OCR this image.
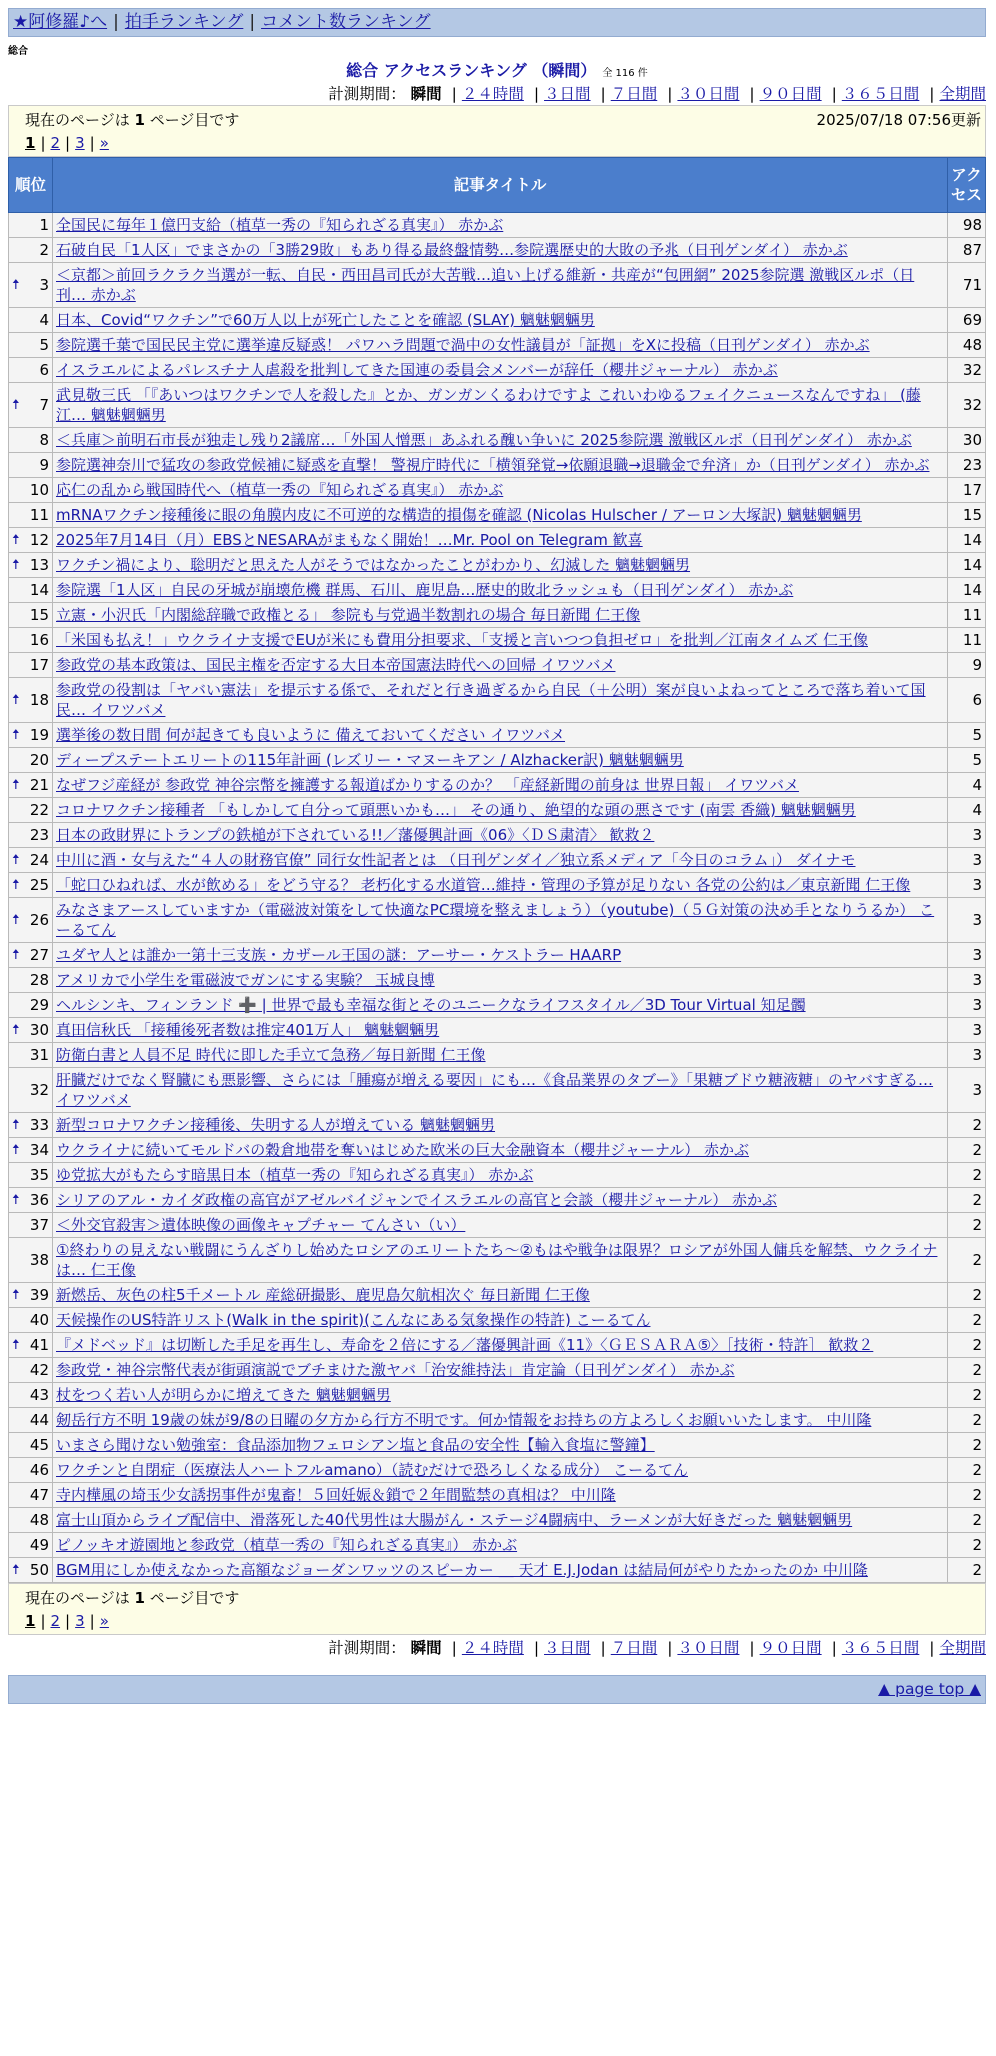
★阿修羅♪へ | 拍手ランキング | コメント数ランキング
総合
総合 アクセスランキング （瞬間） 全 116 件
計測期間： 瞬間 | ２４時間 | ３日間 | ７日間 | ３０日間 | ９０日間 | ３６５日間 | 全期間
現在のページは 1 ページ目です	2025/07/18 07:56更新
1 | 2 | 3 | »
順位	記事タイトル	アクセス
1	全国民に毎年１億円支給（植草一秀の『知られざる真実』） 赤かぶ	98
2	石破自民「1人区」でまさかの「3勝29敗」もあり得る最終盤情勢…参院選歴史的大敗の予兆（日刊ゲンダイ） 赤かぶ	87

🠅 3	＜京都＞前回ラクラク当選が一転、自民・西田昌司氏が大苦戦…追い上げる維新・共産が“包囲網” 2025参院選 激戦区ルポ（日刊… 赤かぶ	71
4	日本、Covid“ワクチン”で60万人以上が死亡したことを確認 (SLAY) 魑魅魍魎男	69
5	参院選千葉で国民民主党に選挙違反疑惑！ パワハラ問題で渦中の女性議員が「証拠」をXに投稿（日刊ゲンダイ） 赤かぶ	48
6	イスラエルによるパレスチナ人虐殺を批判してきた国連の委員会メンバーが辞任（櫻井ジャーナル） 赤かぶ	32

🠅 7	武見敬三氏 「『あいつはワクチンで人を殺した』とか、ガンガンくるわけですよ これいわゆるフェイクニュースなんですね」 (藤江… 魑魅魍魎男	32
8	＜兵庫＞前明石市長が独走し残り2議席…「外国人憎悪」あふれる醜い争いに 2025参院選 激戦区ルポ（日刊ゲンダイ） 赤かぶ	30
9	参院選神奈川で猛攻の参政党候補に疑惑を直撃！ 警視庁時代に「横領発覚→依願退職→退職金で弁済」か（日刊ゲンダイ） 赤かぶ	23
10	応仁の乱から戦国時代へ（植草一秀の『知られざる真実』） 赤かぶ	17
11	mRNAワクチン接種後に眼の角膜内皮に不可逆的な構造的損傷を確認 (Nicolas Hulscher / アーロン大塚訳) 魑魅魍魎男	15

🠅 12	2025年7月14日（月）EBSとNESARAがまもなく開始！…Mr. Pool on Telegram 歓喜	14

🠅 13	ワクチン禍により、聡明だと思えた人がそうではなかったことがわかり、幻滅した 魑魅魍魎男	14
14	参院選「1人区」自民の牙城が崩壊危機 群馬、石川、鹿児島…歴史的敗北ラッシュも（日刊ゲンダイ） 赤かぶ	14
15	立憲・小沢氏「内閣総辞職で政権とる」 参院も与党過半数割れの場合 毎日新聞 仁王像	11
16	「米国も払え！」ウクライナ支援でEUが米にも費用分担要求、「支援と言いつつ負担ゼロ」を批判／江南タイムズ 仁王像	11
17	参政党の基本政策は、国民主権を否定する大日本帝国憲法時代への回帰 イワツバメ	9

🠅 18	参政党の役割は「ヤバい憲法」を提示する係で、それだと行き過ぎるから自民（＋公明）案が良いよねってところで落ち着いて国民… イワツバメ	6

🠅 19	選挙後の数日間 何が起きても良いように 備えておいてください イワツバメ	5
20	ディープステートエリートの115年計画 (レズリー・マヌーキアン / Alzhacker訳) 魑魅魍魎男	5

🠅 21	なぜフジ産経が 参政党 神谷宗幣を擁護する報道ばかりするのか？ 「産経新聞の前身は 世界日報」 イワツバメ	4
22	コロナワクチン接種者 「もしかして自分って頭悪いかも…」 その通り、絶望的な頭の悪さです (南雲 香織) 魑魅魍魎男	4
23	日本の政財界にトランプの鉄槌が下されている!!／藩優興計画《06》〈ＤＳ粛清〉 歓救２	3

🠅 24	中川に酒・女与えた“４人の財務官僚” 同行女性記者とは （日刊ゲンダイ／独立系メディア「今日のコラム」） ダイナモ	3

🠅 25	「蛇口ひねれば、水が飲める」をどう守る？ 老朽化する水道管…維持・管理の予算が足りない 各党の公約は／東京新聞 仁王像	3

🠅 26	みなさまアースしていますか（電磁波対策をして快適なPC環境を整えましょう）（youtube)（５Ｇ対策の決め手となりうるか） こーるてん	3

🠅 27	ユダヤ人とは誰か一第十三支族・カザール王国の謎：アーサー・ケストラー HAARP	3
28	アメリカで小学生を電磁波でガンにする実験？ 玉城良博	3
29	ヘルシンキ、フィンランド ➕ | 世界で最も幸福な街とそのユニークなライフスタイル／3D Tour Virtual 知足髑	3

🠅 30	真田信秋氏 「接種後死者数は推定401万人」 魑魅魍魎男	3
31	防衛白書と人員不足 時代に即した手立て急務／毎日新聞 仁王像	3
32	肝臓だけでなく腎臓にも悪影響、さらには「腫瘍が増える要因」にも…《食品業界のタブー》「果糖ブドウ糖液糖」のヤバすぎる… イワツバメ	3

🠅 33	新型コロナワクチン接種後、失明する人が増えている 魑魅魍魎男	2

🠅 34	ウクライナに続いてモルドバの穀倉地帯を奪いはじめた欧米の巨大金融資本（櫻井ジャーナル） 赤かぶ	2
35	ゆ党拡大がもたらす暗黒日本（植草一秀の『知られざる真実』） 赤かぶ	2

🠅 36	シリアのアル・カイダ政権の高官がアゼルバイジャンでイスラエルの高官と会談（櫻井ジャーナル） 赤かぶ	2
37	＜外交官殺害＞遺体映像の画像キャプチャー てんさい（い）	2
38	①終わりの見えない戦闘にうんざりし始めたロシアのエリートたち～②もはや戦争は限界？ロシアが外国人傭兵を解禁、ウクライナは… 仁王像	2

🠅 39	新燃岳、灰色の柱5千メートル 産総研撮影、鹿児島欠航相次ぐ 毎日新聞 仁王像	2
40	天候操作のUS特許リスト(Walk in the spirit)(こんなにある気象操作の特許) こーるてん	2

🠅 41	『メドベッド』は切断した手足を再生し、寿命を２倍にする／藩優興計画《11》〈ＧＥＳＡＲＡ⑤〉［技術・特許］ 歓救２	2
42	参政党・神谷宗幣代表が街頭演説でブチまけた激ヤバ「治安維持法」肯定論（日刊ゲンダイ） 赤かぶ	2
43	杖をつく若い人が明らかに増えてきた 魑魅魍魎男	2
44	剱岳行方不明 19歳の妹が9/8の日曜の夕方から行方不明です。何か情報をお持ちの方よろしくお願いいたします。 中川隆	2
45	いまさら聞けない勉強室：食品添加物フェロシアン塩と食品の安全性【輸入食塩に警鐘】	2
46	ワクチンと自閉症（医療法人ハートフルamano）（読むだけで恐ろしくなる成分） こーるてん	2
47	寺内樺風の埼玉少女誘拐事件が鬼畜！５回妊娠＆鎖で２年間監禁の真相は？ 中川隆	2
48	富士山頂からライブ配信中、滑落死した40代男性は大腸がん・ステージ4闘病中、ラーメンが大好きだった 魑魅魍魎男	2
49	ピノッキオ遊園地と参政党（植草一秀の『知られざる真実』） 赤かぶ	2

🠅 50	BGM用にしか使えなかった高額なジョーダンワッツのスピーカー ＿ 天才 E.J.Jodan は結局何がやりたかったのか 中川隆	2
現在のページは 1 ページ目です
1 | 2 | 3 | »
計測期間： 瞬間 | ２４時間 | ３日間 | ７日間 | ３０日間 | ９０日間 | ３６５日間 | 全期間
▲ page top ▲
